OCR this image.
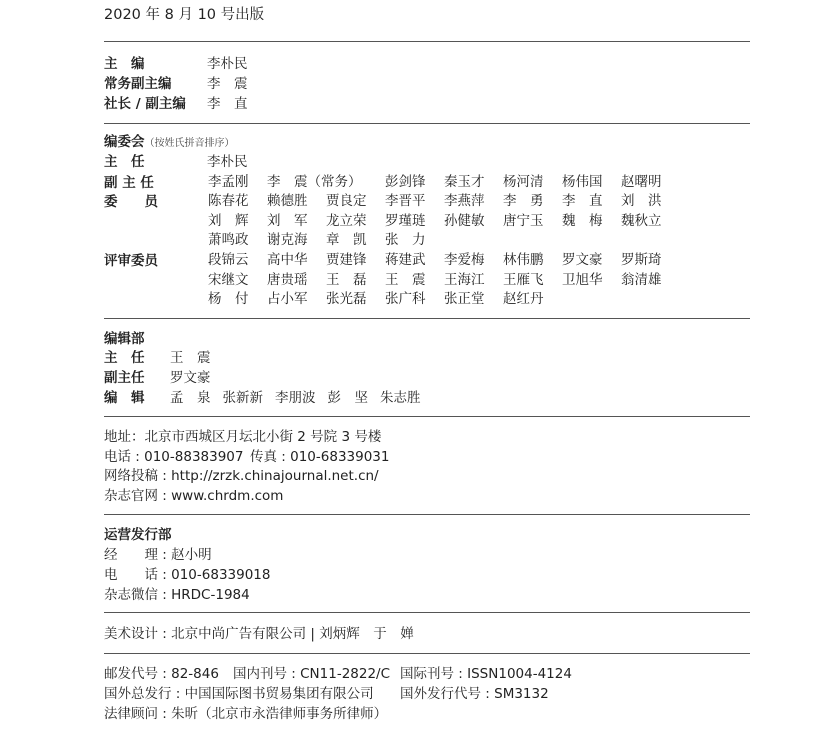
2020 年 8 月 10 号出版
主　编	李朴民
常务副主编	李　震
社长 / 副主编 李　直
编委会（按姓氏拼音排序）
主　任	李朴民
副 主 任	李孟刚	李　震（常务）	彭剑锋	秦玉才	杨河清	杨伟国	赵曙明
委　　员	陈春花	赖德胜	贾良定	李晋平	李燕萍	李　勇	李　直	刘　洪
刘　辉	刘　军	龙立荣	罗瑾琏	孙健敏	唐宁玉	魏　梅	魏秋立
萧鸣政	谢克海	章　凯	张　力
评审委员	段锦云	高中华	贾建锋	蒋建武	李爱梅	林伟鹏	罗文豪	罗斯琦
宋继文	唐贵瑶	王　磊	王　震	王海江	王雁飞	卫旭华	翁清雄
杨　付	占小军	张光磊	张广科	张正堂	赵红丹
编辑部
主　任 王　震
副主任 罗文豪
编　辑 孟　泉 张新新 李朋波 彭　坚 朱志胜
地址：北京市西城区月坛北小街 2 号院 3 号楼
电话 : 010-88383907 传真 : 010-68339031
网络投稿 : http://zrzk.chinajournal.net.cn/
杂志官网 : www.chrdm.com
运营发行部
经　　理 : 赵小明
电　　话 : 010-68339018
杂志微信 : HRDC-1984
美术设计 : 北京中尚广告有限公司 | 刘炳辉　于　婵
邮发代号 : 82-846 国内刊号 : CN11-2822/C 国际刊号 : ISSN1004-4124
国外总发行 : 中国国际图书贸易集团有限公司 国外发行代号 : SM3132
法律顾问 : 朱昕（北京市永浩律师事务所律师）
